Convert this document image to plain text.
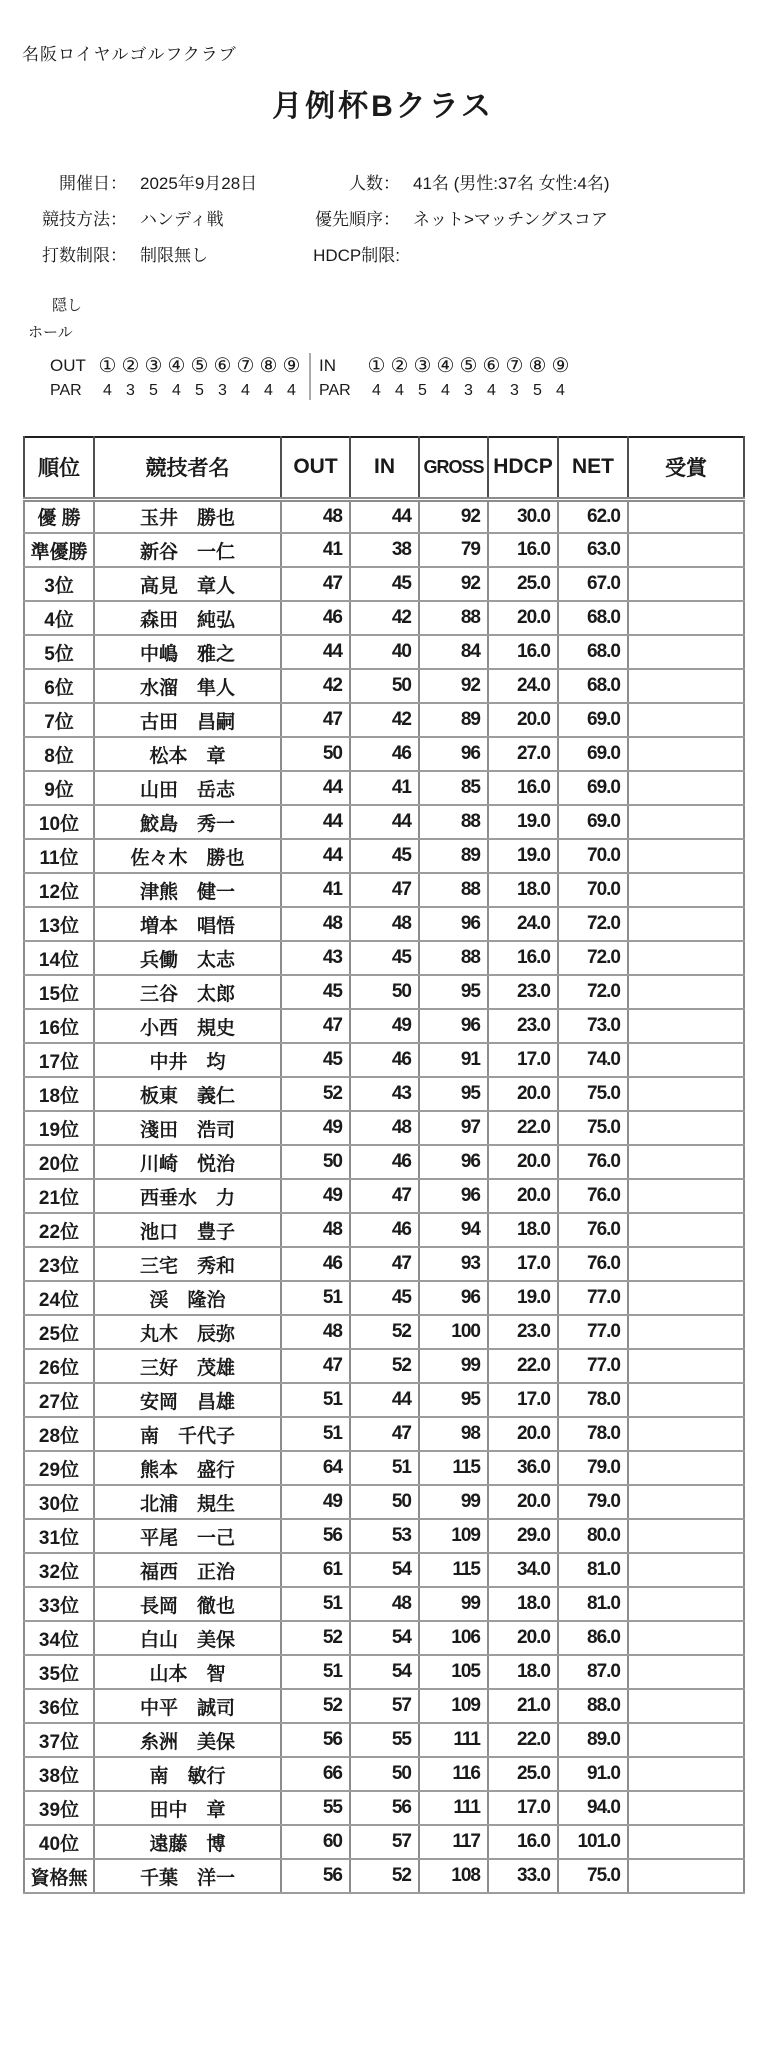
名阪ロイヤルゴルフクラブ
月例杯Bクラス
開催日： 2025年9月28日	人数： 41名 (男性:37名 女性:4名)
競技方法： ハンディ戦	優先順序： ネット>マッチングスコア
打数制限： 制限無し	HDCP制限:
隠し
ホール
OUT ① ② ③ ④ ⑤ ⑥ ⑦ ⑧ ⑨
PAR	4 3 5 4 5 3 4 4 4
IN	① ② ③ ④ ⑤ ⑥ ⑦ ⑧ ⑨
PAR	4 4 5 4 3 4 3 5 4
順位	競技者名	OUT	IN	GROSS	HDCP	NET	受賞
優 勝	玉井　勝也	48	44	92	30.0	62.0	
準優勝	新谷　一仁	41	38	79	16.0	63.0	
3位	高見　章人	47	45	92	25.0	67.0	
4位	森田　純弘	46	42	88	20.0	68.0	
5位	中嶋　雅之	44	40	84	16.0	68.0	
6位	水溜　隼人	42	50	92	24.0	68.0	
7位	古田　昌嗣	47	42	89	20.0	69.0	
8位	松本　章	50	46	96	27.0	69.0	
9位	山田　岳志	44	41	85	16.0	69.0	
10位	鮫島　秀一	44	44	88	19.0	69.0	
11位	佐々木　勝也	44	45	89	19.0	70.0	
12位	津熊　健一	41	47	88	18.0	70.0	
13位	増本　唱悟	48	48	96	24.0	72.0	
14位	兵働　太志	43	45	88	16.0	72.0	
15位	三谷　太郎	45	50	95	23.0	72.0	
16位	小西　規史	47	49	96	23.0	73.0	
17位	中井　均	45	46	91	17.0	74.0	
18位	板東　義仁	52	43	95	20.0	75.0	
19位	淺田　浩司	49	48	97	22.0	75.0	
20位	川崎　悦治	50	46	96	20.0	76.0	
21位	西垂水　力	49	47	96	20.0	76.0	
22位	池口　豊子	48	46	94	18.0	76.0	
23位	三宅　秀和	46	47	93	17.0	76.0	
24位	渓　隆治	51	45	96	19.0	77.0	
25位	丸木　辰弥	48	52	100	23.0	77.0	
26位	三好　茂雄	47	52	99	22.0	77.0	
27位	安岡　昌雄	51	44	95	17.0	78.0	
28位	南　千代子	51	47	98	20.0	78.0	
29位	熊本　盛行	64	51	115	36.0	79.0	
30位	北浦　規生	49	50	99	20.0	79.0	
31位	平尾　一己	56	53	109	29.0	80.0	
32位	福西　正治	61	54	115	34.0	81.0	
33位	長岡　徹也	51	48	99	18.0	81.0	
34位	白山　美保	52	54	106	20.0	86.0	
35位	山本　智	51	54	105	18.0	87.0	
36位	中平　誠司	52	57	109	21.0	88.0	
37位	糸洲　美保	56	55	111	22.0	89.0	
38位	南　敏行	66	50	116	25.0	91.0	
39位	田中　章	55	56	111	17.0	94.0	
40位	遠藤　博	60	57	117	16.0	101.0	
資格無	千葉　洋一	56	52	108	33.0	75.0	
